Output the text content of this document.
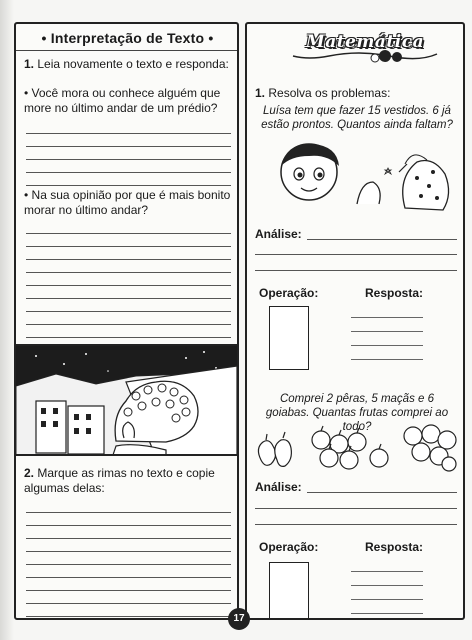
• Interpretação de Texto •
1. Leia novamente o texto e responda:
• Você mora ou conhece alguém que more no último andar de um prédio?
• Na sua opinião por que é mais bonito morar no último andar?
2. Marque as rimas no texto e copie algumas delas:
Matemática
1. Resolva os problemas:
Luísa tem que fazer 15 vestidos. 6 já estão prontos. Quantos ainda faltam?
Análise:
Operação:	Resposta:
Comprei 2 pêras, 5 maçãs e 6 goiabas. Quantas frutas comprei ao todo?
Análise:
Operação:	Resposta:
17
